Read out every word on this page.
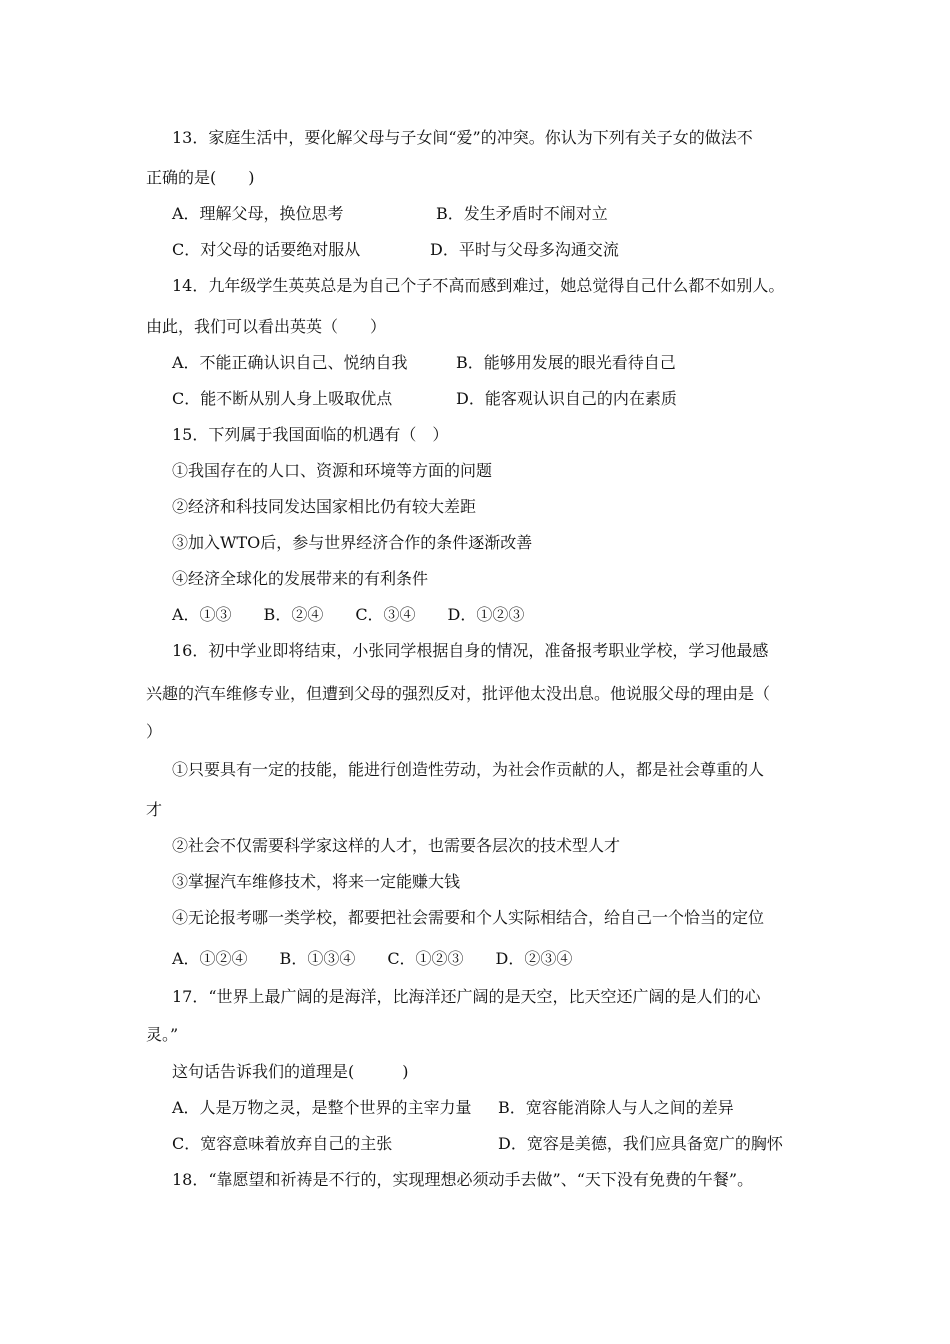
13．家庭生活中，要化解父母与子女间“爱”的冲突。你认为下列有关子女的做法不
正确的是(　　)
A．理解父母，换位思考	B．发生矛盾时不闹对立
C．对父母的话要绝对服从	D．平时与父母多沟通交流
14．九年级学生英英总是为自己个子不高而感到难过，她总觉得自己什么都不如别人。
由此，我们可以看出英英（　　）
A．不能正确认识自己、悦纳自我	B．能够用发展的眼光看待自己
C．能不断从别人身上吸取优点	D．能客观认识自己的内在素质
15．下列属于我国面临的机遇有（　）
①我国存在的人口、资源和环境等方面的问题
②经济和科技同发达国家相比仍有较大差距
③加入WTO后，参与世界经济合作的条件逐渐改善
④经济全球化的发展带来的有利条件
A．①③　　B．②④　　C．③④　　D．①②③
16．初中学业即将结束，小张同学根据自身的情况，准备报考职业学校，学习他最感
兴趣的汽车维修专业，但遭到父母的强烈反对，批评他太没出息。他说服父母的理由是（
）
①只要具有一定的技能，能进行创造性劳动，为社会作贡献的人，都是社会尊重的人
才
②社会不仅需要科学家这样的人才，也需要各层次的技术型人才
③掌握汽车维修技术，将来一定能赚大钱
④无论报考哪一类学校，都要把社会需要和个人实际相结合，给自己一个恰当的定位
A．①②④　　B．①③④　　C．①②③　　D．②③④
17．“世界上最广阔的是海洋，比海洋还广阔的是天空，比天空还广阔的是人们的心
灵。”
这句话告诉我们的道理是(　　　)
A．人是万物之灵，是整个世界的主宰力量 B．宽容能消除人与人之间的差异
C．宽容意味着放弃自己的主张	D．宽容是美德，我们应具备宽广的胸怀
18．“靠愿望和祈祷是不行的，实现理想必须动手去做”、“天下没有免费的午餐”。
